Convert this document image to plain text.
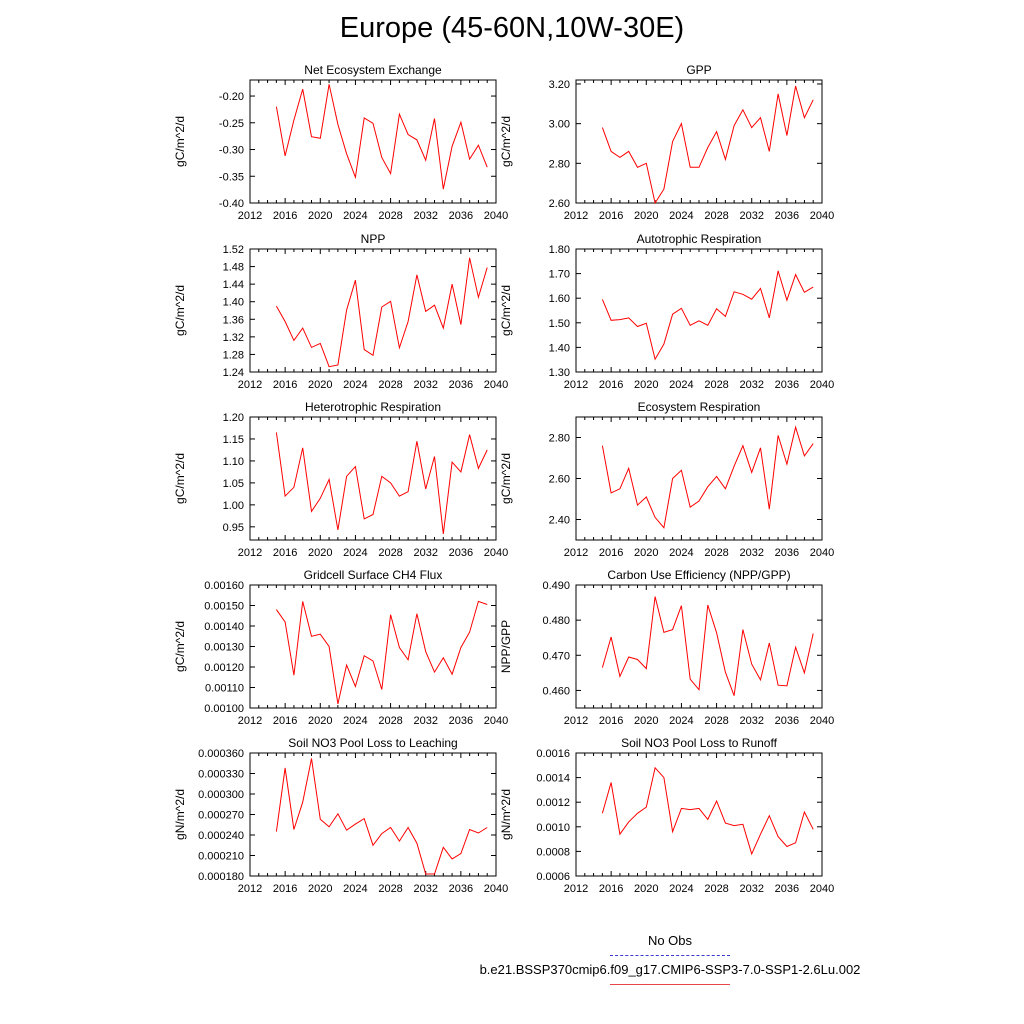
Europe (45-60N,10W-30E)
Net Ecosystem Exchange
2012 2016 2020 2024 2028 2032 2036 2040
-0.40
-0.35
-0.30
-0.25
-0.20
gC/m^2/d
GPP
2012 2016 2020 2024 2028 2032 2036 2040
2.60
2.80
3.00
3.20
gC/m^2/d
NPP
2012 2016 2020 2024 2028 2032 2036 2040
1.24
1.28
1.32
1.36
1.40
1.44
1.48
1.52
gC/m^2/d
Autotrophic Respiration
2012 2016 2020 2024 2028 2032 2036 2040
1.30
1.40
1.50
1.60
1.70
1.80
gC/m^2/d
Heterotrophic Respiration
2012 2016 2020 2024 2028 2032 2036 2040
0.95
1.00
1.05
1.10
1.15
1.20
gC/m^2/d
Ecosystem Respiration
2012 2016 2020 2024 2028 2032 2036 2040
2.40
2.60
2.80
gC/m^2/d
Gridcell Surface CH4 Flux
2012 2016 2020 2024 2028 2032 2036 2040
0.00100
0.00110
0.00120
0.00130
0.00140
0.00150
0.00160
gC/m^2/d
Carbon Use Efficiency (NPP/GPP)
2012 2016 2020 2024 2028 2032 2036 2040
0.460
0.470
0.480
0.490
NPP/GPP
Soil NO3 Pool Loss to Leaching
2012 2016 2020 2024 2028 2032 2036 2040
0.000180
0.000210
0.000240
0.000270
0.000300
0.000330
0.000360
gN/m^2/d
Soil NO3 Pool Loss to Runoff
2012 2016 2020 2024 2028 2032 2036 2040
0.0006
0.0008
0.0010
0.0012
0.0014
0.0016
gN/m^2/d
No Obs
b.e21.BSSP370cmip6.f09_g17.CMIP6-SSP3-7.0-SSP1-2.6Lu.002
